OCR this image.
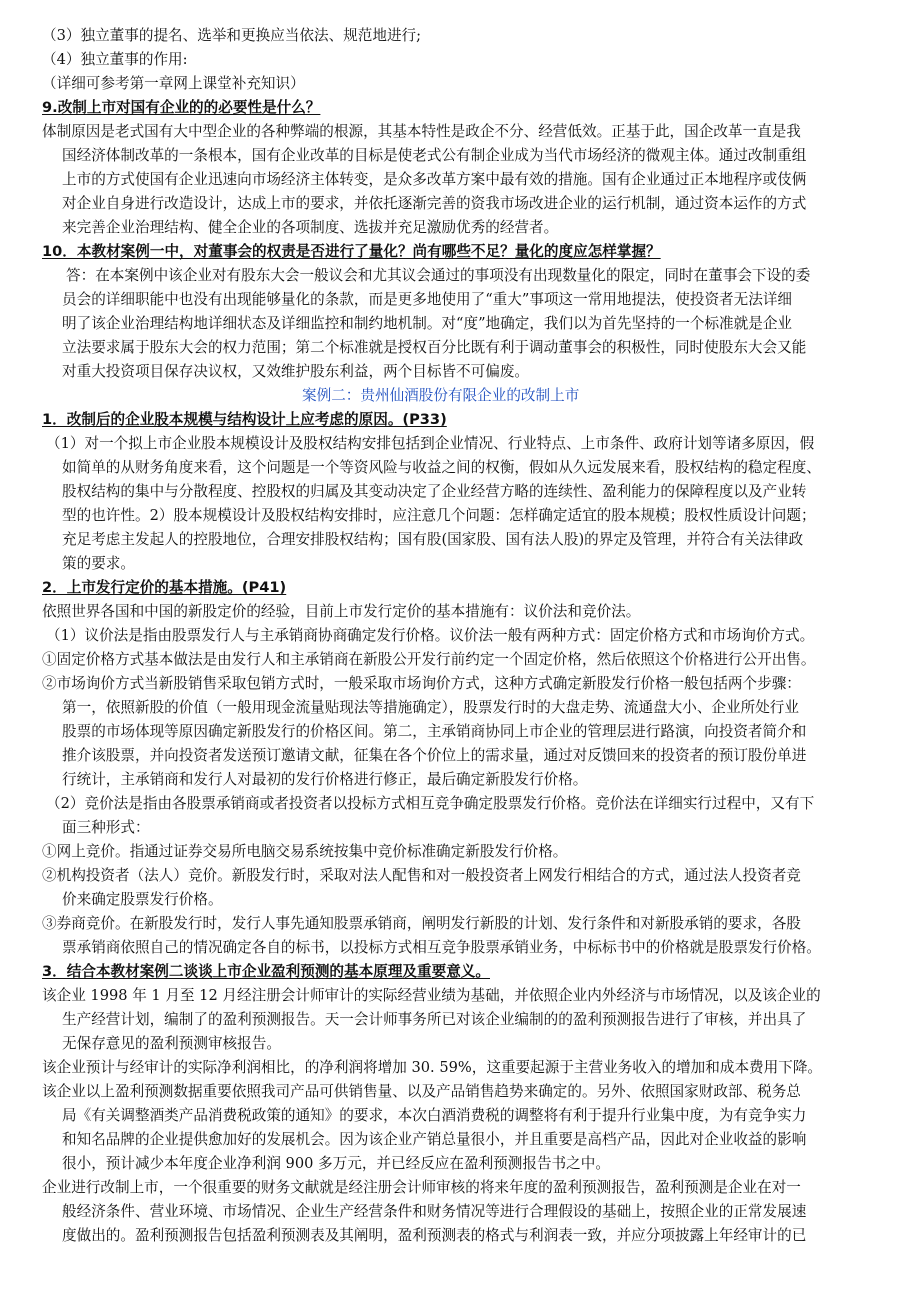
（3）独立董事的提名、选举和更换应当依法、规范地进行;
（4）独立董事的作用:
（详细可参考第一章网上课堂补充知识）
9.改制上市对国有企业的的必要性是什么？
体制原因是老式国有大中型企业的各种弊端的根源，其基本特性是政企不分、经营低效。正基于此，国企改革一直是我
国经济体制改革的一条根本，国有企业改革的目标是使老式公有制企业成为当代市场经济的微观主体。通过改制重组
上市的方式使国有企业迅速向市场经济主体转变，是众多改革方案中最有效的措施。国有企业通过正本地程序或伎俩
对企业自身进行改造设计，达成上市的要求，并依托逐渐完善的资我市场改进企业的运行机制，通过资本运作的方式
来完善企业治理结构、健全企业的各项制度、选拔并充足激励优秀的经营者。
10．本教材案例一中，对董事会的权责是否进行了量化？尚有哪些不足？量化的度应怎样掌握？
答：在本案例中该企业对有股东大会一般议会和尤其议会通过的事项没有出现数量化的限定，同时在董事会下设的委
员会的详细职能中也没有出现能够量化的条款，而是更多地使用了“重大”事项这一常用地提法，使投资者无法详细
明了该企业治理结构地详细状态及详细监控和制约地机制。对“度”地确定，我们以为首先坚持的一个标准就是企业
立法要求属于股东大会的权力范围；第二个标准就是授权百分比既有利于调动董事会的积极性，同时使股东大会又能
对重大投资项目保存决议权，又效维护股东利益，两个目标皆不可偏废。
案例二：贵州仙酒股份有限企业的改制上市
1．改制后的企业股本规模与结构设计上应考虑的原因。(P33)
（1）对一个拟上市企业股本规模设计及股权结构安排包括到企业情况、行业特点、上市条件、政府计划等诸多原因，假
如简单的从财务角度来看，这个问题是一个等资风险与收益之间的权衡，假如从久远发展来看，股权结构的稳定程度、
股权结构的集中与分散程度、控股权的归属及其变动决定了企业经营方略的连续性、盈利能力的保障程度以及产业转
型的也许性。2）股本规模设计及股权结构安排时，应注意几个问题：怎样确定适宜的股本规模；股权性质设计问题；
充足考虑主发起人的控股地位，合理安排股权结构；国有股(国家股、国有法人股)的界定及管理，并符合有关法律政
策的要求。
2．上市发行定价的基本措施。(P41)
依照世界各国和中国的新股定价的经验，目前上市发行定价的基本措施有：议价法和竞价法。
（1）议价法是指由股票发行人与主承销商协商确定发行价格。议价法一般有两种方式：固定价格方式和市场询价方式。
①固定价格方式基本做法是由发行人和主承销商在新股公开发行前约定一个固定价格，然后依照这个价格进行公开出售。
②市场询价方式当新股销售采取包销方式时，一般采取市场询价方式，这种方式确定新股发行价格一般包括两个步骤：
第一，依照新股的价值（一般用现金流量贴现法等措施确定），股票发行时的大盘走势、流通盘大小、企业所处行业
股票的市场体现等原因确定新股发行的价格区间。第二，主承销商协同上市企业的管理层进行路演，向投资者简介和
推介该股票，并向投资者发送预订邀请文献，征集在各个价位上的需求量，通过对反馈回来的投资者的预订股份单进
行统计，主承销商和发行人对最初的发行价格进行修正，最后确定新股发行价格。
（2）竞价法是指由各股票承销商或者投资者以投标方式相互竞争确定股票发行价格。竞价法在详细实行过程中，又有下
面三种形式：
①网上竞价。指通过证券交易所电脑交易系统按集中竞价标准确定新股发行价格。
②机构投资者（法人）竞价。新股发行时，采取对法人配售和对一般投资者上网发行相结合的方式，通过法人投资者竞
价来确定股票发行价格。
③券商竞价。在新股发行时，发行人事先通知股票承销商，阐明发行新股的计划、发行条件和对新股承销的要求，各股
票承销商依照自己的情况确定各自的标书，以投标方式相互竞争股票承销业务，中标标书中的价格就是股票发行价格。
3．结合本教材案例二谈谈上市企业盈利预测的基本原理及重要意义。
该企业 1998 年 1 月至 12 月经注册会计师审计的实际经营业绩为基础，并依照企业内外经济与市场情况，以及该企业的
生产经营计划，编制了的盈利预测报告。天一会计师事务所已对该企业编制的的盈利预测报告进行了审核，并出具了
无保存意见的盈利预测审核报告。
该企业预计与经审计的实际净利润相比，的净利润将增加 30. 59%，这重要起源于主营业务收入的增加和成本费用下降。
该企业以上盈利预测数据重要依照我司产品可供销售量、以及产品销售趋势来确定的。另外、依照国家财政部、税务总
局《有关调整酒类产品消费税政策的通知》的要求，本次白酒消费税的调整将有利于提升行业集中度，为有竞争实力
和知名品牌的企业提供愈加好的发展机会。因为该企业产销总量很小，并且重要是高档产品，因此对企业收益的影响
很小，预计减少本年度企业净利润 900 多万元，并已经反应在盈利预测报告书之中。
企业进行改制上市，一个很重要的财务文献就是经注册会计师审核的将来年度的盈利预测报告，盈利预测是企业在对一
般经济条件、营业环境、市场情况、企业生产经营条件和财务情况等进行合理假设的基础上，按照企业的正常发展速
度做出的。盈利预测报告包括盈利预测表及其阐明，盈利预测表的格式与利润表一致，并应分项披露上年经审计的已
